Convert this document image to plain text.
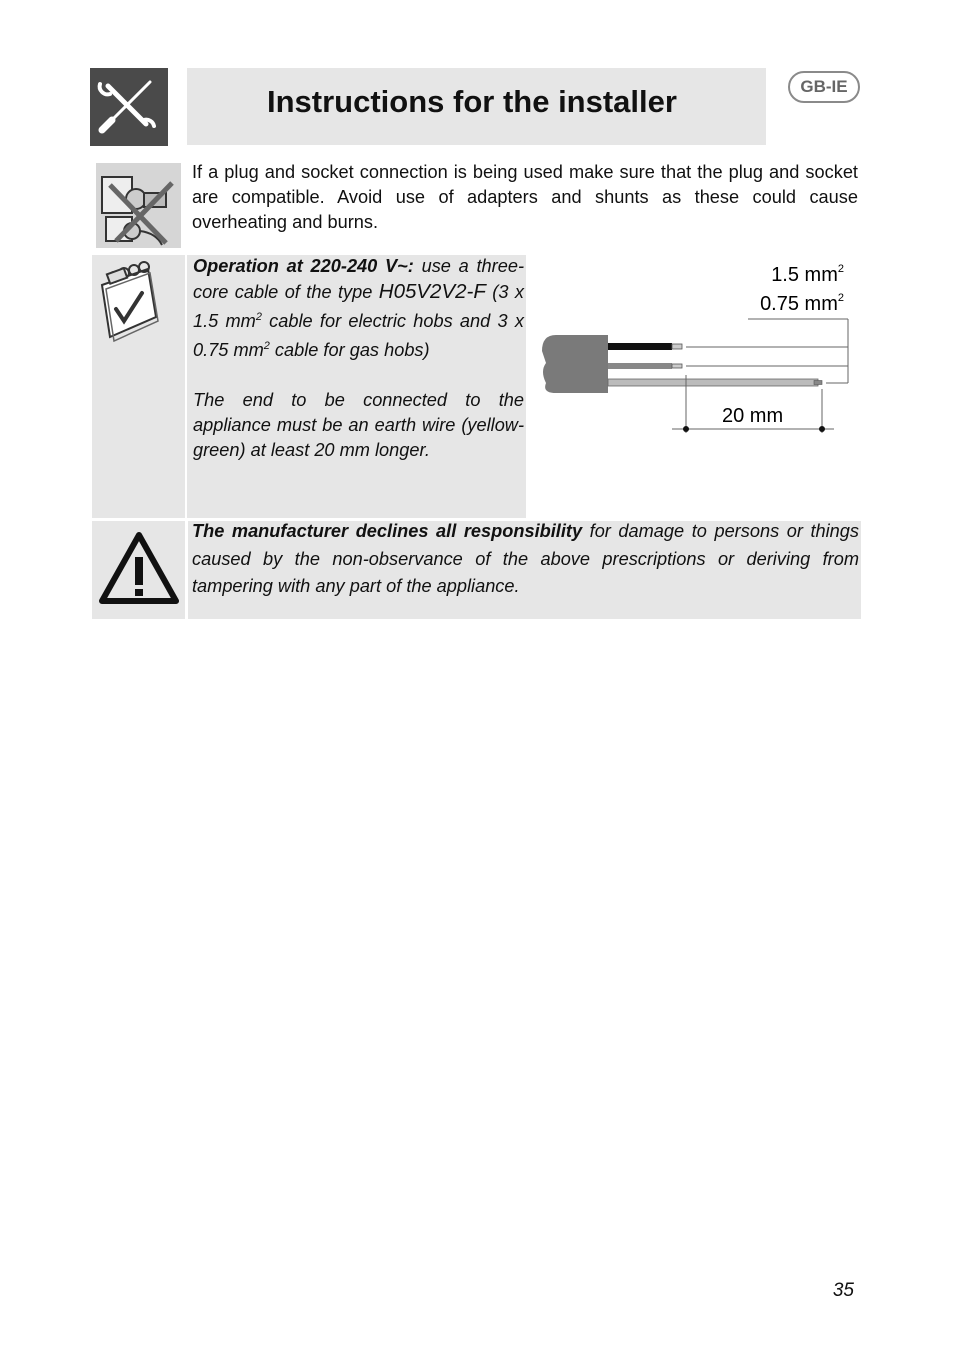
Instructions for the installer	GB-IE
If a plug and socket connection is being used make sure that the plug and socket are compatible. Avoid use of adapters and shunts as these could cause overheating and burns.
Operation at 220-240 V~: use a three-core cable of the type H05V2V2-F (3 x 1.5 $mm^2$ cable for electric hobs and 3 x 0.75 $mm^2$ cable for gas hobs)

The end to be connected to the appliance must be an earth wire (yellow-green) at least 20 mm longer.
1.5 $mm^2$
0.75 $mm^2$
20 mm
The manufacturer declines all responsibility for damage to persons or things caused by the non-observance of the above prescriptions or deriving from tampering with any part of the appliance.
35
